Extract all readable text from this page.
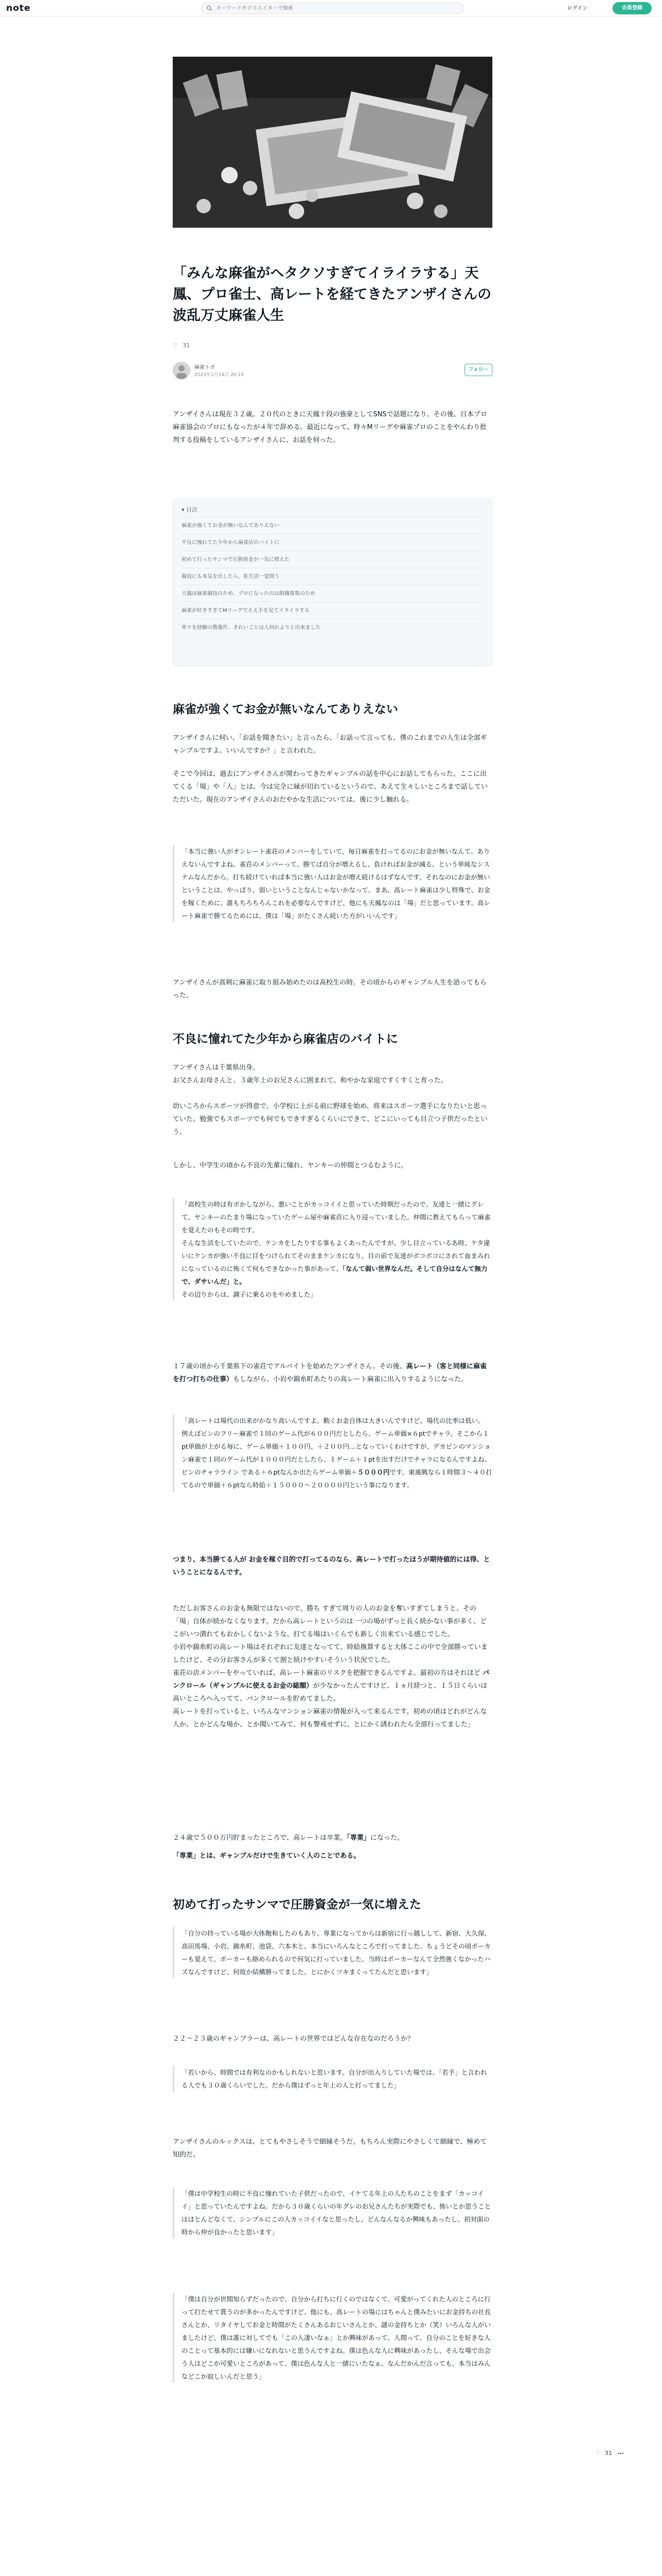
note
キーワードやクリエイターで検索	ログイン	会員登録
「みんな麻雀がヘタクソすぎてイライラする」天鳳、プロ雀士、高レートを経てきたアンザイさんの波乱万丈麻雀人生
♡ 31
麻雀トポ
2023年1月14日 20:19
フォロー

アンザイさんは現在３２歳。２０代のときに天鳳十段の強豪としてSNSで話題になり、その後、日本プロ麻雀協会のプロにもなったが４年で辞める。最近になって、時々Mリーグや麻雀プロのことをやんわり批判する投稿をしているアンザイさんに、お話を伺った。

▾ 目次
麻雀が強くてお金が無いなんてありえない
不良に憧れてた少年から麻雀店のバイトに
初めて打ったサンマで圧勝資金が一気に増えた
競技にも本気を出したら、私生活一変問う
天鳳は麻雀競技のため、プロになったのは組織募集のため
麻雀が好きすぎてMリーグでええ手を見てイライラする
単りを経験の教養件、きれいごとは人何れよりと出来ました
麻雀が強くてお金が無いなんてありえない

アンザイさんに伺い、「お話を聞きたい」と言ったら、「お話って言っても、僕のこれまでの人生は全部ギャンブルですよ。いいんですか？」と言われた。

そこで今回は、過去にアンザイさんが関わってきたギャンブルの話を中心にお話してもらった。ここに出てくる「場」や「人」とは、今は完全に縁が切れているというので、あえて生々しいところまで話していただいた。現在のアンザイさんのおだやかな生活については、後に少し触れる。

「本当に強い人がオンレート雀荘のメンバーをしていて、毎日麻雀を打ってるのにお金が無いなんて、ありえないんですよね。雀荘のメンバーって、勝てば自分が増えるし、負ければお金が減る、という単純なシステムなんだから。打ち続けていれば本当に強い人はお金が増え続けるはずなんです。それなのにお金が無いということは、やっぱり、弱いということなんじゃないかなって。まあ、高レート麻雀は少し特殊で、お金を稼くために、誰もちろちろんこれを必要なんですけど、他にも天鳳なのは「場」だと思っています。高レート麻雀で勝てるためには、僕は「場」がたくさん続いた方がいいんです」

アンザイさんが真剣に麻雀に取り組み始めたのは高校生の時。その頃からのギャンブル人生を語ってもらった。

不良に憧れてた少年から麻雀店のバイトに

アンザイさんは千葉県出身。

お父さんお母さんと、３歳年上のお兄さんに囲まれて、和やかな家庭ですくすくと育った。

幼いころからスポーツが得意で、小学校に上がる前に野球を始め、将来はスポーツ選手になりたいと思っていた。勉強でもスポーツでも何でもできすぎるくらいにできて、どこにいっても目立つ子供だったという。

しかし、中学生の頃から不良の先輩に憧れ、ヤンキーの仲間とつるむように。

「高校生の時は有ボかしながら、悪いことがカッコイイと思っていた時期だったので、友達と一緒にグレて、ヤンキーのたまり場になっていたゲーム屋や麻雀荘に入り浸っていました。仲間に教えてもらって麻雀を覚えたのもその時です。

そんな生活をしていたので、ケンカをしたりする事もよくあったんですが、少し目立っているあ時、ケタ違いにケンカが強い不良に目をつけられてそのままケンカになり、目の前で友達がボコボコにされて血まみれになっているのに怖くて何もできなかった事があって、「なんて弱い世界なんだ。そして自分はなんて無力で、ダサいんだ」と。

その辺りからは、調子に乗るのをやめました」

１７歳の頃から千葉県下の雀荘でアルバイトを始めたアンザイさん。その後、高レート（客と同様に麻雀を打つ打ちの仕事）もしながら、小岩や錦糸町あたりの高レート麻雀に出入りするようになった。

「高レートは場代の出来がかなり高いんですよ。動くお金自体は大きいんですけど、場代の比率は低い。

例えばピンのフリー麻雀で１回のゲーム代が６００円だとしたら、ゲーム単価×６ptでチャラ、そこから１pt単価が上がる毎に、ゲーム単価＋１００円、＋２００円…となっていくわけですが、デカピンのマンション麻雀で１回のゲーム代が１０００円だとしたら、１ゲーム＋１ptを出すだけでチャラになるんですよね。ピンのチャラライン である＋６ptなんか出たらゲーム単価＋５０００円です。東風戦なら１時間３〜４０打てるので単価＋６ptなら時給＋１５０００〜２００００円という事になります。

つまり、本当勝てる人が お金を稼ぐ目的で打ってるのなら、高レートで打ったほうが期待値的には得、ということになるんです。

ただしお客さんのお金も無限ではないので、勝ち すぎて周りの人のお金を奪いすぎてしまうと、その「場」自体が続かなくなります。だから高レートというのは一つの場がずっと長く続かない事が多く、どこがいつ潰れてもおかしくないような、打てる場はいくらでも新しく出来ている感じでした。

小岩や錦糸町の高レート場はそれぞれに友達となってて、時給換算すると大体ここの中で全部勝っていましたけど、その分お客さんが多くて割と続けやすいそういう状況でした。

雀荘の店メンバーをやっていれば、高レート麻雀のリスクを把握できるんですよ。最初の方はそれほど バンクロール（ギャンブルに使えるお金の総額）が少なかったんですけど、１ヵ月経つと、１５日くらいは高いところへ入ってて、バンクロールを貯めてました。

高レートを打っていると、いろんなマンション麻雀の情報が入って来るんです。初めの頃はどれがどんな人か、とかどんな場か、とか聞いてみて、何も警戒せずに、とにかく誘われたら全部行ってました」

２４歳で５００万円貯まったところで、高レートは卒業。「専業」になった。

「専業」とは、ギャンブルだけで生きていく人のことである。

初めて打ったサンマで圧勝資金が一気に増えた

「自分の持っている場が大体飽和したのもあり、専業になってからは新宿に行っ越しして、新宿、大久保、高田馬場、小岩、錦糸町、池袋、六本木と、本当にいろんなところで打ってました。ちょうどその頃ポーカーも覚えて、ポーカーも絡められるので何気に打っていました。当時はポーカーなんて全然強くなかったハズなんですけど、何故か結構勝ってました。とにかくツキまくってたんだと思います」

２２〜２３歳のギャンブラーは、高レートの世界ではどんな存在なのだろうか？

「若いから、時間では有利なのかもしれないと思います。自分が出入りしていた場では、「若手」と言われる人でも３０歳くらいでした。だから僕はずっと年上の人と打ってました」

アンザイさんのルックスは、とてもやさしそうで細縁そうだ。もちろん実際にやさしくて細縁で、極めて知的だ。

「僕は中学校生の時に不良に憧れていた子供だったので、イケてる年上の人たちのことをまず「カッコイイ」と思っていたんですよね。だから３０歳くらいの年グレのお兄さんたちが実際でも、怖いとか思うことはほとんどなくて、シンプルにこの人カッコイイなと思ったし、どんなんなるか興味もあったし、初対面の時から仲が良かったと思います」

「僕は自分が世間知らずだったので、自分から打ちに行くのではなくて、可愛がってくれた人のところに行って打たせて貰うのが多かったんですけど、他にも、高レートの場にはちゃんと僕みたいにお金持ちの社長さんとか、リタイヤしてお金と時間がたくさんあるおじいさんとか、謎の金持ちとか（笑）いろんな人がいましたけど、僕は誰に対してでも「この人凄いなぁ」とか興味があって、人間って、自分のことを好きな人のことって基本的には嫌いになれないと思うんですよね。僕は色んな人に興味があったし、そんな場で出会う人はどこか可愛いところがあって、僕は色んな人と一緒にいたなぁ。なんだかんだ言っても、本当はみんなどこか寂しいんだと思う」

♡ 31
